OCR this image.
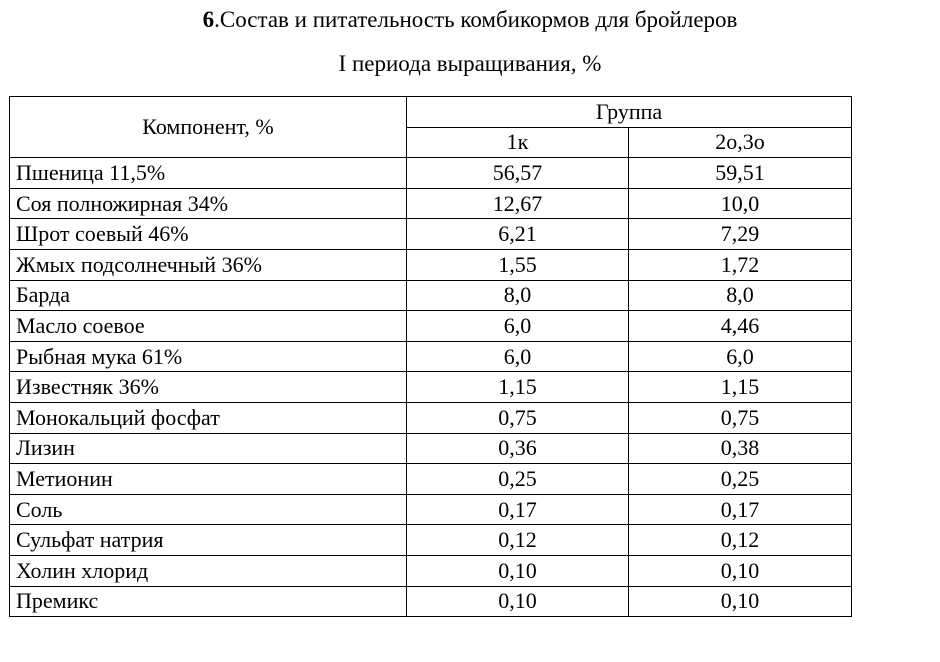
6.Состав и питательность комбикормов для бройлеров
I периода выращивания, %
Компонент, %	Группа	
	1к	2о,3о
Пшеница 11,5%	56,57	59,51
Соя полножирная 34%	12,67	10,0
Шрот соевый 46%	6,21	7,29
Жмых подсолнечный 36%	1,55	1,72
Барда	8,0	8,0
Масло соевое	6,0	4,46
Рыбная мука 61%	6,0	6,0
Известняк 36%	1,15	1,15
Монокальций фосфат	0,75	0,75
Лизин	0,36	0,38
Метионин	0,25	0,25
Соль	0,17	0,17
Сульфат натрия	0,12	0,12
Холин хлорид	0,10	0,10
Премикс	0,10	0,10
